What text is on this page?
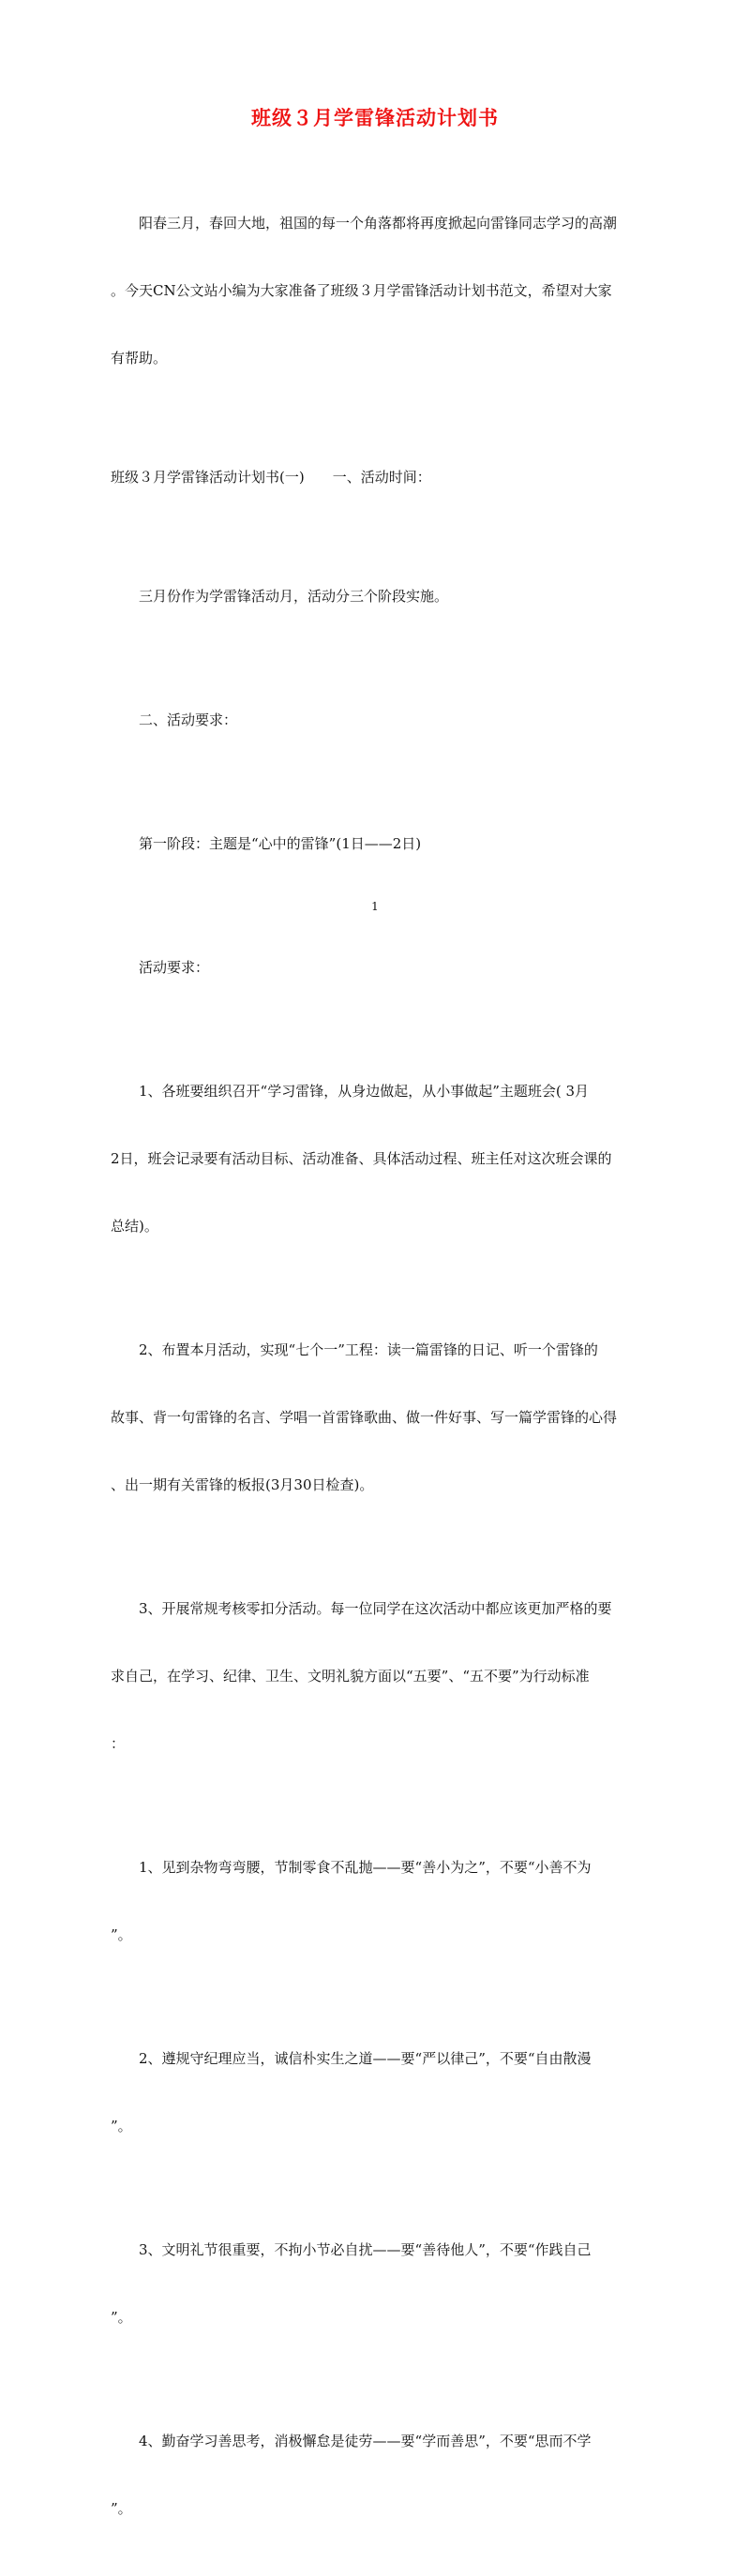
班级３月学雷锋活动计划书

阳春三月，春回大地，祖国的每一个角落都将再度掀起向雷锋同志学习的高潮

。今天CN公文站小编为大家准备了班级３月学雷锋活动计划书范文，希望对大家

有帮助。

班级３月学雷锋活动计划书(一)　　一、活动时间：

三月份作为学雷锋活动月，活动分三个阶段实施。

二、活动要求：

第一阶段：主题是“心中的雷锋”(1日——2日)

活动要求：

1、各班要组织召开“学习雷锋，从身边做起，从小事做起”主题班会( 3月

2日，班会记录要有活动目标、活动准备、具体活动过程、班主任对这次班会课的

总结)。

2、布置本月活动，实现“七个一”工程：读一篇雷锋的日记、听一个雷锋的

故事、背一句雷锋的名言、学唱一首雷锋歌曲、做一件好事、写一篇学雷锋的心得

、出一期有关雷锋的板报(3月30日检查)。

3、开展常规考核零扣分活动。每一位同学在这次活动中都应该更加严格的要

求自己，在学习、纪律、卫生、文明礼貌方面以“五要”、“五不要”为行动标准

：

1、见到杂物弯弯腰，节制零食不乱抛——要“善小为之”，不要“小善不为

”。

2、遵规守纪理应当，诚信朴实生之道——要“严以律己”，不要“自由散漫

”。

3、文明礼节很重要，不拘小节必自扰——要“善待他人”，不要“作践自己

”。

4、勤奋学习善思考，消极懈怠是徒劳——要“学而善思”，不要“思而不学

”。

1
